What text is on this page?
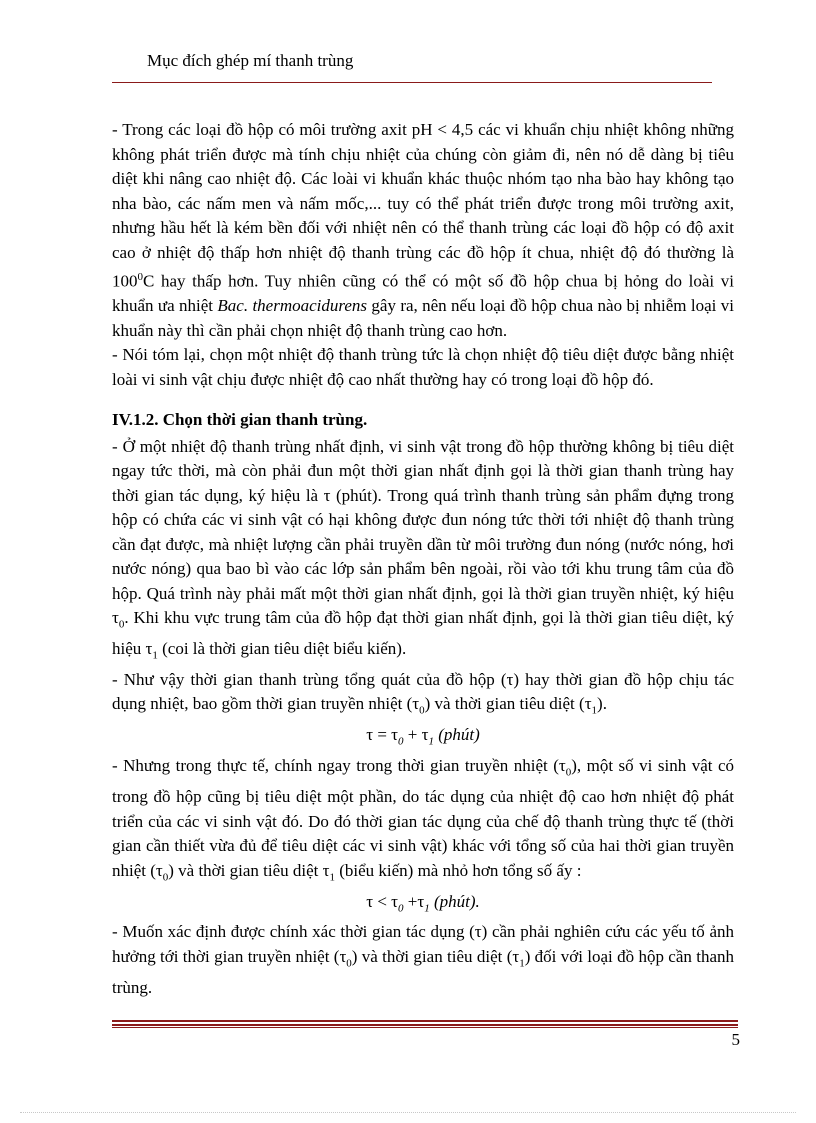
Mục đích ghép mí thanh trùng

- Trong các loại đồ hộp có môi trường axit pH < 4,5 các vi khuẩn chịu nhiệt không những không phát triển được mà tính chịu nhiệt của chúng còn giảm đi, nên nó dễ dàng bị tiêu diệt khi nâng cao nhiệt độ. Các loài vi khuẩn khác thuộc nhóm tạo nha bào hay không tạo nha bào, các nấm men và nấm mốc,... tuy có thể phát triển được trong môi trường axit, nhưng hầu hết là kém bền đối với nhiệt nên có thể thanh trùng các loại đồ hộp có độ axit cao ở nhiệt độ thấp hơn nhiệt độ thanh trùng các đồ hộp ít chua, nhiệt độ đó thường là $100^0C$ hay thấp hơn. Tuy nhiên cũng có thể có một số đồ hộp chua bị hỏng do loài vi khuẩn ưa nhiệt Bac. thermoacidurens gây ra, nên nếu loại đồ hộp chua nào bị nhiễm loại vi khuẩn này thì cần phải chọn nhiệt độ thanh trùng cao hơn.

- Nói tóm lại, chọn một nhiệt độ thanh trùng tức là chọn nhiệt độ tiêu diệt được bằng nhiệt loài vi sinh vật chịu được nhiệt độ cao nhất thường hay có trong loại đồ hộp đó.

IV.1.2. Chọn thời gian thanh trùng.

- Ở một nhiệt độ thanh trùng nhất định, vi sinh vật trong đồ hộp thường không bị tiêu diệt ngay tức thời, mà còn phải đun một thời gian nhất định gọi là thời gian thanh trùng hay thời gian tác dụng, ký hiệu là τ (phút). Trong quá trình thanh trùng sản phẩm đựng trong hộp có chứa các vi sinh vật có hại không được đun nóng tức thời tới nhiệt độ thanh trùng cần đạt được, mà nhiệt lượng cần phải truyền dần từ môi trường đun nóng (nước nóng, hơi nước nóng) qua bao bì vào các lớp sản phẩm bên ngoài, rồi vào tới khu trung tâm của đồ hộp. Quá trình này phải mất một thời gian nhất định, gọi là thời gian truyền nhiệt, ký hiệu $\tau_0$. Khi khu vực trung tâm của đồ hộp đạt thời gian nhất định, gọi là thời gian tiêu diệt, ký hiệu $\tau_1$ (coi là thời gian tiêu diệt biểu kiến).

- Như vậy thời gian thanh trùng tổng quát của đồ hộp (τ) hay thời gian đồ hộp chịu tác dụng nhiệt, bao gồm thời gian truyền nhiệt $(\tau_0)$ và thời gian tiêu diệt $(\tau_1)$.

$\tau = \tau_0 + \tau_1$ (phút)

- Nhưng trong thực tế, chính ngay trong thời gian truyền nhiệt $(\tau_0)$, một số vi sinh vật có trong đồ hộp cũng bị tiêu diệt một phần, do tác dụng của nhiệt độ cao hơn nhiệt độ phát triển của các vi sinh vật đó. Do đó thời gian tác dụng của chế độ thanh trùng thực tế (thời gian cần thiết vừa đủ để tiêu diệt các vi sinh vật) khác với tổng số của hai thời gian truyền nhiệt $(\tau_0)$ và thời gian tiêu diệt $\tau_1$ (biểu kiến) mà nhỏ hơn tổng số ấy :

$\tau < \tau_0 +\tau_1$ (phút).

- Muốn xác định được chính xác thời gian tác dụng (τ) cần phải nghiên cứu các yếu tố ảnh hưởng tới thời gian truyền nhiệt $(\tau_0)$ và thời gian tiêu diệt $(\tau_1)$ đối với loại đồ hộp cần thanh trùng.

5
